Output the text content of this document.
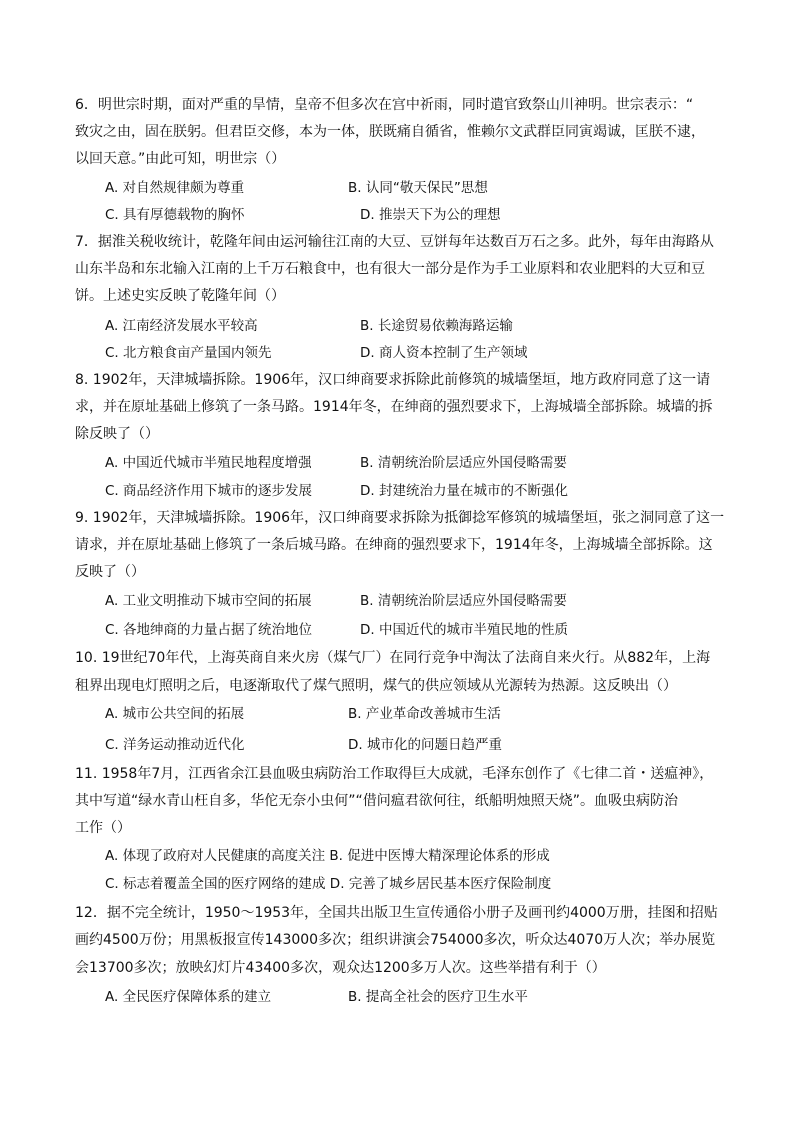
6．明世宗时期，面对严重的旱情，皇帝不但多次在宫中祈雨，同时遣官致祭山川神明。世宗表示：“
致灾之由，固在朕躬。但君臣交修，本为一体，朕既痛自循省，惟赖尔文武群臣同寅竭诚，匡朕不逮，
以回天意。”由此可知，明世宗（）
A. 对自然规律颇为尊重	B. 认同“敬天保民”思想
C. 具有厚德载物的胸怀	D. 推崇天下为公的理想
7．据淮关税收统计，乾隆年间由运河输往江南的大豆、豆饼每年达数百万石之多。此外，每年由海路从
山东半岛和东北输入江南的上千万石粮食中，也有很大一部分是作为手工业原料和农业肥料的大豆和豆
饼。上述史实反映了乾隆年间（）
A. 江南经济发展水平较高	B. 长途贸易依赖海路运输
C. 北方粮食亩产量国内领先	D. 商人资本控制了生产领域
8. 1902年，天津城墙拆除。1906年，汉口绅商要求拆除此前修筑的城墙堡垣，地方政府同意了这一请
求，并在原址基础上修筑了一条马路。1914年冬，在绅商的强烈要求下，上海城墙全部拆除。城墙的拆
除反映了（）
A. 中国近代城市半殖民地程度增强	B. 清朝统治阶层适应外国侵略需要
C. 商品经济作用下城市的逐步发展	D. 封建统治力量在城市的不断强化
9. 1902年，天津城墙拆除。1906年，汉口绅商要求拆除为抵御捻军修筑的城墙堡垣，张之洞同意了这一
请求，并在原址基础上修筑了一条后城马路。在绅商的强烈要求下，1914年冬，上海城墙全部拆除。这
反映了（）
A. 工业文明推动下城市空间的拓展	B. 清朝统治阶层适应外国侵略需要
C. 各地绅商的力量占据了统治地位	D. 中国近代的城市半殖民地的性质
10. 19世纪70年代，上海英商自来火房（煤气厂）在同行竞争中淘汰了法商自来火行。从882年，上海
租界出现电灯照明之后，电逐渐取代了煤气照明，煤气的供应领域从光源转为热源。这反映出（）
A. 城市公共空间的拓展	B. 产业革命改善城市生活
C. 洋务运动推动近代化	D. 城市化的问题日趋严重
11. 1958年7月，江西省余江县血吸虫病防治工作取得巨大成就，毛泽东创作了《七律二首・送瘟神》，
其中写道“绿水青山枉自多，华佗无奈小虫何”“借问瘟君欲何往，纸船明烛照天烧”。血吸虫病防治
工作（）
A. 体现了政府对人民健康的高度关注 B. 促进中医博大精深理论体系的形成
C. 标志着覆盖全国的医疗网络的建成 D. 完善了城乡居民基本医疗保险制度
12．据不完全统计，1950～1953年，全国共出版卫生宣传通俗小册子及画刊约4000万册，挂图和招贴
画约4500万份；用黑板报宣传143000多次；组织讲演会754000多次，听众达4070万人次；举办展览
会13700多次；放映幻灯片43400多次，观众达1200多万人次。这些举措有利于（）
A. 全民医疗保障体系的建立	B. 提高全社会的医疗卫生水平
